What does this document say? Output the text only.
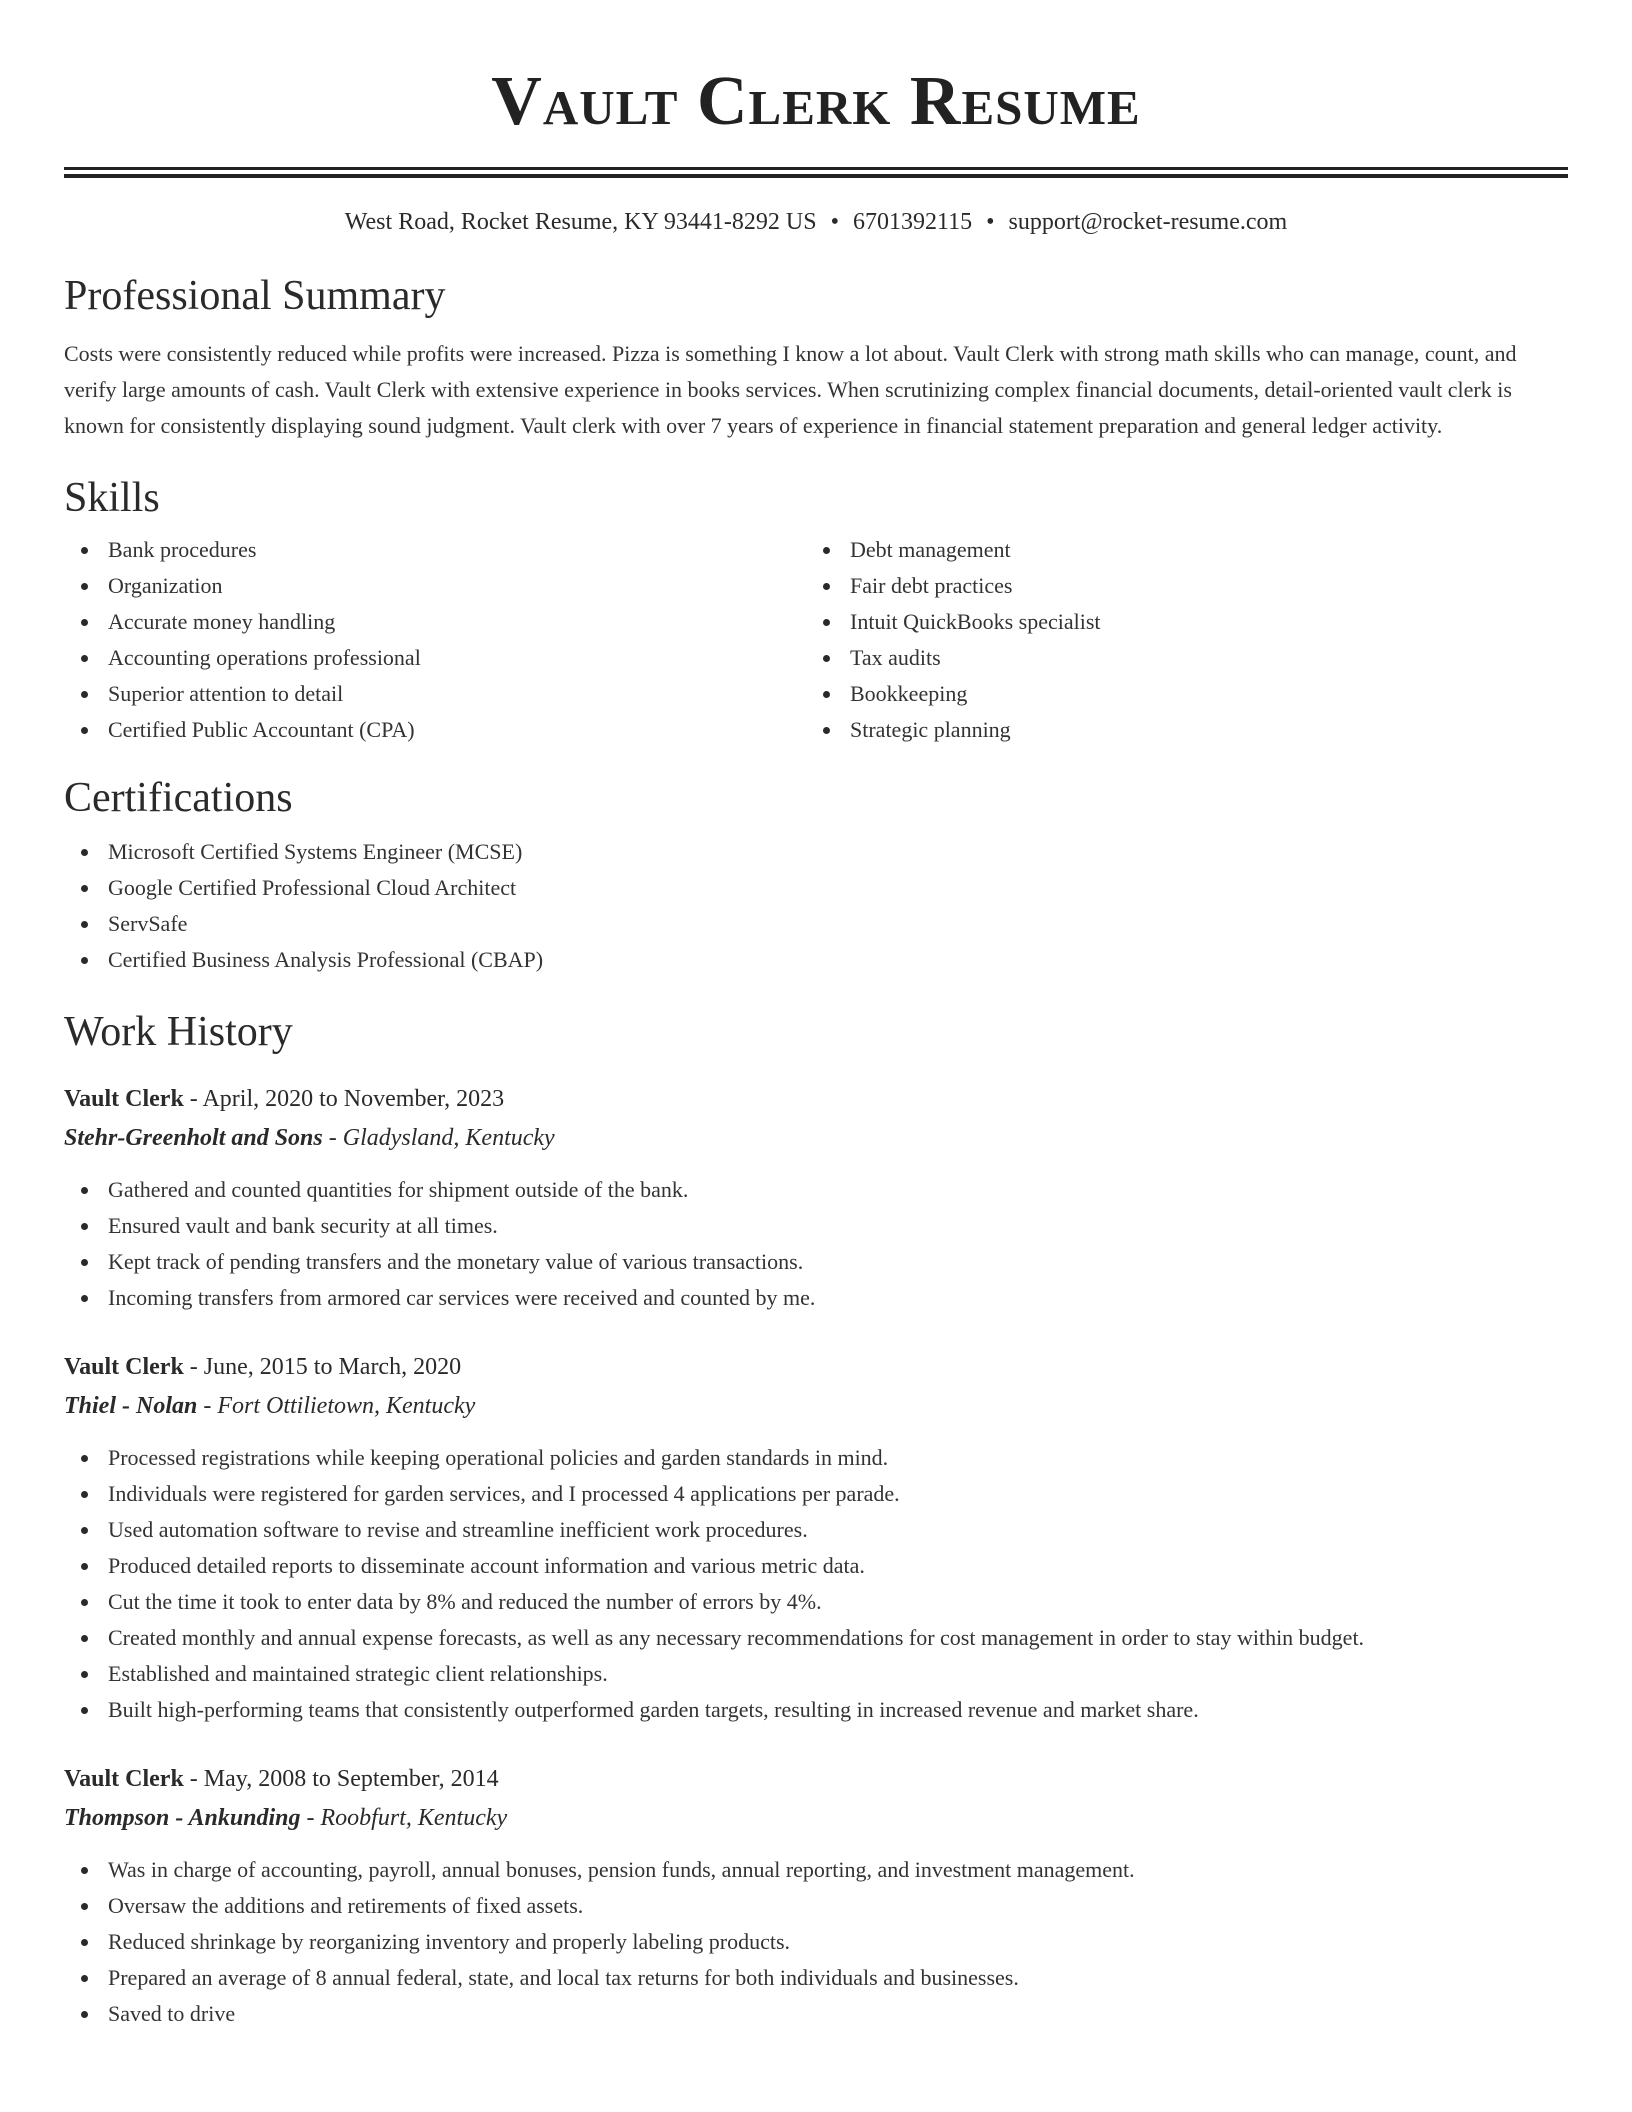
Vault Clerk Resume
West Road, Rocket Resume, KY 93441-8292 US • 6701392115 • support@rocket-resume.com
Professional Summary

Costs were consistently reduced while profits were increased. Pizza is something I know a lot about. Vault Clerk with strong math skills who can manage, count, and verify large amounts of cash. Vault Clerk with extensive experience in books services. When scrutinizing complex financial documents, detail-oriented vault clerk is known for consistently displaying sound judgment. Vault clerk with over 7 years of experience in financial statement preparation and general ledger activity.

Skills
Bank procedures
Organization
Accurate money handling
Accounting operations professional
Superior attention to detail
Certified Public Accountant (CPA)
Debt management
Fair debt practices
Intuit QuickBooks specialist
Tax audits
Bookkeeping
Strategic planning
Certifications
Microsoft Certified Systems Engineer (MCSE)
Google Certified Professional Cloud Architect
ServSafe
Certified Business Analysis Professional (CBAP)
Work History
Vault Clerk - April, 2020 to November, 2023
Stehr-Greenholt and Sons - Gladysland, Kentucky
Gathered and counted quantities for shipment outside of the bank.
Ensured vault and bank security at all times.
Kept track of pending transfers and the monetary value of various transactions.
Incoming transfers from armored car services were received and counted by me.
Vault Clerk - June, 2015 to March, 2020
Thiel - Nolan - Fort Ottilietown, Kentucky
Processed registrations while keeping operational policies and garden standards in mind.
Individuals were registered for garden services, and I processed 4 applications per parade.
Used automation software to revise and streamline inefficient work procedures.
Produced detailed reports to disseminate account information and various metric data.
Cut the time it took to enter data by 8% and reduced the number of errors by 4%.
Created monthly and annual expense forecasts, as well as any necessary recommendations for cost management in order to stay within budget.
Established and maintained strategic client relationships.
Built high-performing teams that consistently outperformed garden targets, resulting in increased revenue and market share.
Vault Clerk - May, 2008 to September, 2014
Thompson - Ankunding - Roobfurt, Kentucky
Was in charge of accounting, payroll, annual bonuses, pension funds, annual reporting, and investment management.
Oversaw the additions and retirements of fixed assets.
Reduced shrinkage by reorganizing inventory and properly labeling products.
Prepared an average of 8 annual federal, state, and local tax returns for both individuals and businesses.
Saved to drive
